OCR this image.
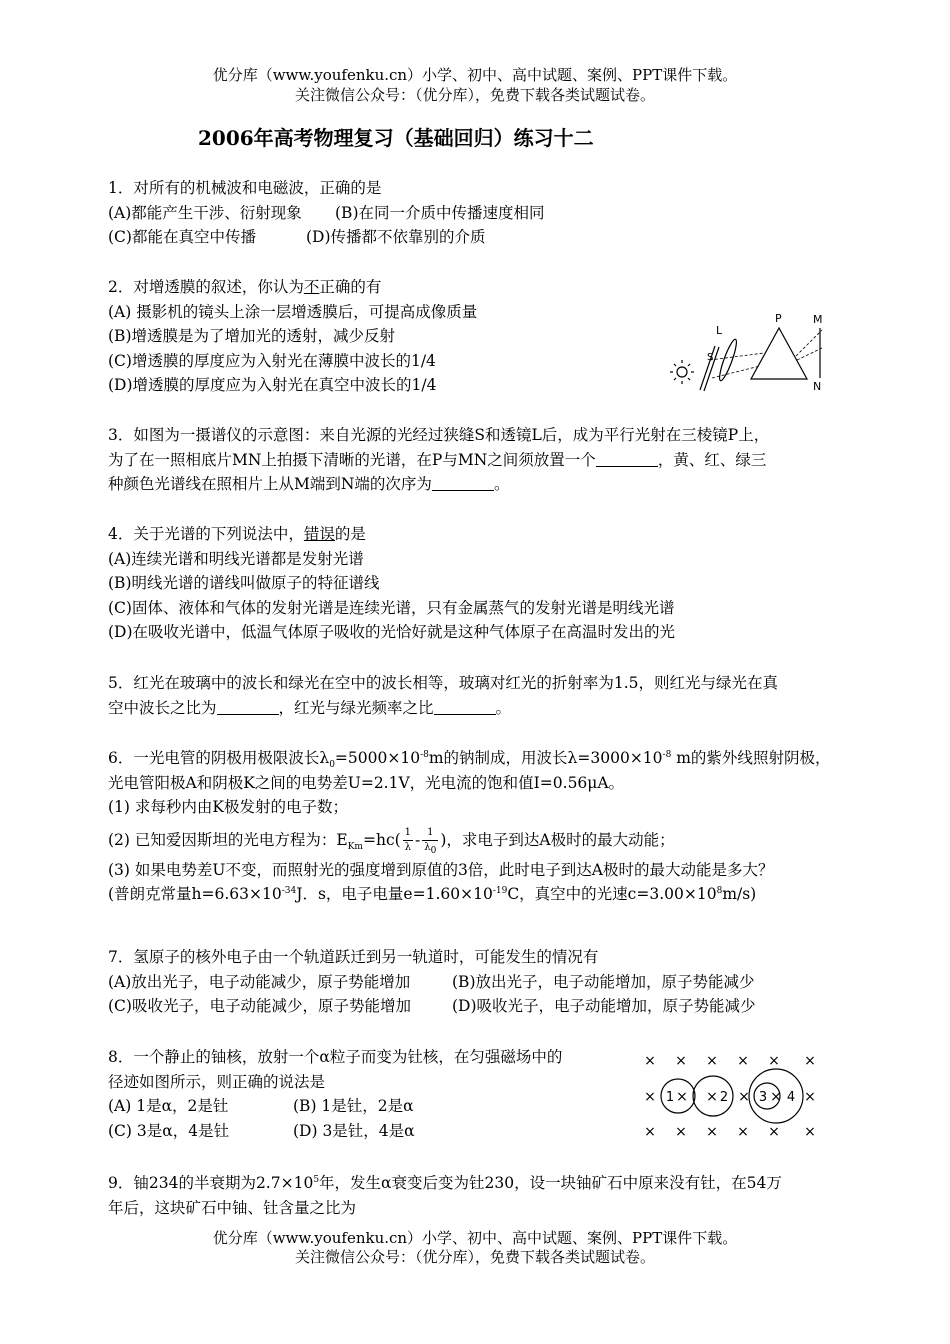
优分库（www.youfenku.cn）小学、初中、高中试题、案例、PPT课件下载。
关注微信公众号：（优分库），免费下载各类试题试卷。
2006年高考物理复习（基础回归）练习十二
1．对所有的机械波和电磁波，正确的是
(A)都能产生干涉、衍射现象 (B)在同一介质中传播速度相同
(C)都能在真空中传播	(D)传播都不依靠别的介质
2．对增透膜的叙述，你认为不正确的有
(A) 摄影机的镜头上涂一层增透膜后，可提高成像质量
(B)增透膜是为了增加光的透射，减少反射
(C)增透膜的厚度应为入射光在薄膜中波长的1/4
(D)增透膜的厚度应为入射光在真空中波长的1/4
L
S
P	M
N
3．如图为一摄谱仪的示意图：来自光源的光经过狭缝S和透镜L后，成为平行光射在三棱镜P上，
为了在一照相底片MN上拍摄下清晰的光谱，在P与MN之间须放置一个	，黄、红、绿三
种颜色光谱线在照相片上从M端到N端的次序为	。
4．关于光谱的下列说法中，错误的是
(A)连续光谱和明线光谱都是发射光谱
(B)明线光谱的谱线叫做原子的特征谱线
(C)固体、液体和气体的发射光谱是连续光谱，只有金属蒸气的发射光谱是明线光谱
(D)在吸收光谱中，低温气体原子吸收的光恰好就是这种气体原子在高温时发出的光
5．红光在玻璃中的波长和绿光在空中的波长相等，玻璃对红光的折射率为1.5，则红光与绿光在真
空中波长之比为	，红光与绿光频率之比	。
6．一光电管的阴极用极限波长$\lambda_0=5000\times 10^{-8}m$的钠制成，用波长$\lambda=3000\times 10^{-8}$ m的紫外线照射阴极，
光电管阳极A和阴极K之间的电势差U=2.1V，光电流的饱和值I=0.56μA。
(1) 求每秒内由K极发射的电子数；
(2) 已知爱因斯坦的光电方程为：$E_{Km}=hc( \frac{1}{\lambda} - \frac{1}{\lambda_0}$ )，求电子到达A极时的最大动能；
(3) 如果电势差U不变，而照射光的强度增到原值的3倍，此时电子到达A极时的最大动能是多大？
(普朗克常量$h=6.63\times 10^{-34}J$．s，电子电量$e=1.60\times 10^{-19}C$，真空中的光速$c=3.00\times 10^8m/s$)
7．氢原子的核外电子由一个轨道跃迁到另一轨道时，可能发生的情况有
(A)放出光子，电子动能减少，原子势能增加	(B)放出光子，电子动能增加，原子势能减少
(C)吸收光子，电子动能减少，原子势能增加	(D)吸收光子，电子动能增加，原子势能减少
8．一个静止的铀核，放射一个α粒子而变为钍核，在匀强磁场中的
径迹如图所示，则正确的说法是
(A) 1是α，2是钍	(B) 1是钍，2是α
(C) 3是α，4是钍	(D) 3是钍，4是α
× × × × × ×
× × × × × ×
× × × × × ×
1	2 3 4
9．铀234的半衰期为$2.7\times 10^5$年，发生α衰变后变为钍230，设一块铀矿石中原来没有钍，在54万
年后，这块矿石中铀、钍含量之比为
优分库（www.youfenku.cn）小学、初中、高中试题、案例、PPT课件下载。
关注微信公众号：（优分库），免费下载各类试题试卷。
